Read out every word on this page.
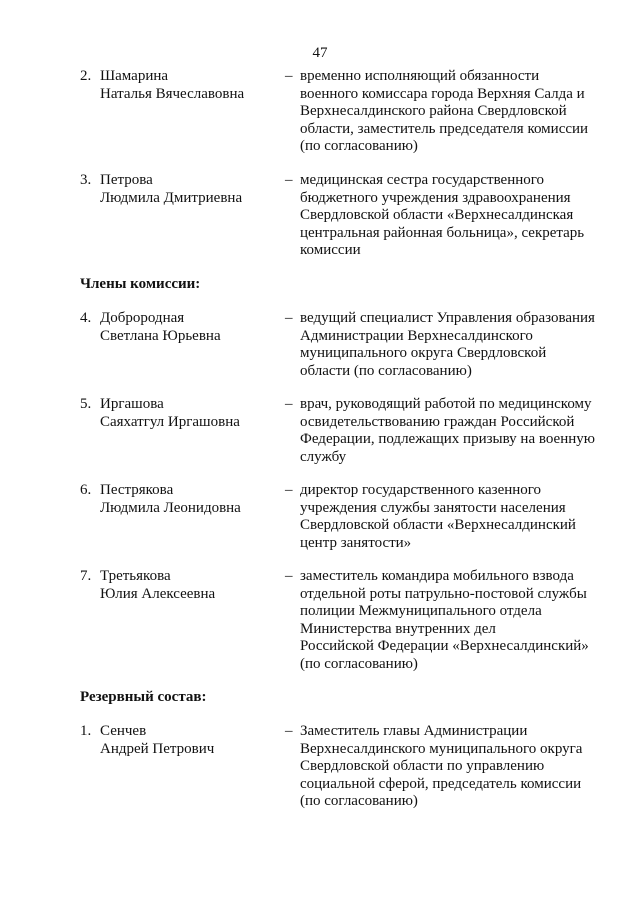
47
2. Шамарина
Наталья Вячеславовна
– временно исполняющий обязанности
военного комиссара города Верхняя Салда и
Верхнесалдинского района Свердловской
области, заместитель председателя комиссии
(по согласованию)
3. Петрова
Людмила Дмитриевна
– медицинская сестра государственного
бюджетного учреждения здравоохранения
Свердловской области «Верхнесалдинская
центральная районная больница», секретарь
комиссии
Члены комиссии:
4. Доброродная
Светлана Юрьевна
– ведущий специалист Управления образования
Администрации Верхнесалдинского
муниципального округа Свердловской
области (по согласованию)
5. Иргашова
Саяхатгул Иргашовна
– врач, руководящий работой по медицинскому
освидетельствованию граждан Российской
Федерации, подлежащих призыву на военную
службу
6. Пестрякова
Людмила Леонидовна
– директор государственного казенного
учреждения службы занятости населения
Свердловской области «Верхнесалдинский
центр занятости»
7. Третьякова
Юлия Алексеевна
– заместитель командира мобильного взвода
отдельной роты патрульно-постовой службы
полиции Межмуниципального отдела
Министерства внутренних дел
Российской Федерации «Верхнесалдинский»
(по согласованию)
Резервный состав:
1. Сенчев
Андрей Петрович
– Заместитель главы Администрации
Верхнесалдинского муниципального округа
Свердловской области по управлению
социальной сферой, председатель комиссии
(по согласованию)
